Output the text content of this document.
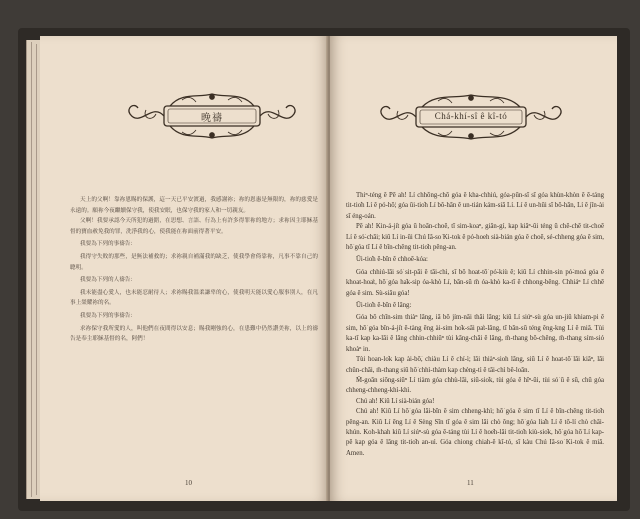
晚禱

天上的父啊！靠祢恩賜的保護，這一天已平安渡過，我感謝祢；祢的恩惠是無限的，祢的慈愛是永遠的。願祢今夜繼續保守我，使我安眠，也保守我的家人和一切親友。

父啊！我要承認今天所犯的過錯，在思想、言語、行為上有許多得罪祢的地方；求祢因主耶穌基督的寶血赦免我的罪，洗淨我的心，使我能在祢面前得著平安。

我要為下列的事禱告：

我得守失敗的那些，是無法補救的；求祢親自補滿我的缺乏，使我學會倚靠祢，凡事不靠自己的聰明。

我要為下列的人禱告：

我未能盡心愛人，也未能忍耐待人；求祢賜我溫柔謙卑的心，使我明天能以愛心服事別人，在凡事上榮耀祢的名。

我要為下列的事禱告：

求祢保守我所愛的人，叫他們在夜間得以安息；賜我剛強的心，在患難中仍然讚美祢，以上的禱告是奉主耶穌基督的名，阿們！

10
Chá-khí-sî ê kî-tó

Thiⁿ-téng ê Pē ah! Lí chhōng-chō góa ê kha-chhiú, góa-pūn-sī sī góa khùn-khòn ê ē-táng tit-tio̍h Lí ê pó-hō͘; góa ūi-tio̍h Lí bô-hān ê un-tián kám-siā Lí. Lí ê un-hūi sī bô-hān, Lí ê jîn-ài sī éng-oán.

Pē ah! Kin-á-ji̍t góa ū hoān-choē, tī sim-koaⁿ, giân-gí, kap kiâⁿ-ûi téng ū chē-chē tit-choē Lí ê só͘-chāi; kiû Lí in-ūi Chú Iâ-so͘ Ki-tok ê pó-hoeh sià-bián góa ê choē, sé-chheng góa ê sim, hō͘ góa tī Lí ê bīn-chêng tit-tio̍h pêng-an.

Ūi-tio̍h ē-bīn ê chhoē-kóa:

Góa chhiú-lāi só͘ sit-pāi ê tāi-chì, sī bô hoat-tō͘ pó͘-kiù ê; kiû Lí chhin-sin pó͘-moá góa ê khoat-hoa̍t, hō͘ góa ha̍k-sip óa-khò Lí, bān-sū m̄ óa-khò ka-tī ê chhong-bêng. Chhiáⁿ Lí chhē góa ê sim. Sù-siâu góa!

Ūi-tio̍h ē-bīn ê lâng:

Góa bô chīn-sim thiàⁿ lâng, iā bô jím-nāi thāi lâng; kiû Lí siúⁿ-sù góa un-jiû khiam-pi ê sim, hō͘ góa bîn-á-ji̍t ē-tàng ēng ài-sim ho̍k-sāi pa̍t-lâng, tī bān-sū téng êng-kng Lí ê miâ. Tùi ka-tī kap ka-lāi ê lâng chhin-chhiūⁿ tùi kāng-chāi ê lâng, m̄-thang bô-chêng, m̄-thang sím-sió khoàⁿ in.

Tùi hoan-lo̍k kap ài-bō͘, chiàu Lí ê chí-ì; lâi thiàⁿ-sioh lâng, siū Lí ê hoat-tō͘ lâi kiâⁿ, lâi chûn-chāi, m̄-thang siū hō͘ chhì-thàm kap chèng-tì ê tāi-chì bê-loān.

M̄-goān siōng-siūⁿ Lí tiàm góa chhù-lāi, siū-sio̍k, tùi góa ê hīⁿ-ūi, tùi só͘ ū ê sū, chū góa chheng-chheng-khì-khì.

Chú ah! Kiû Lí sià-bián góa!

Chú ah! Kiû Lí hō͘ góa lāi-bīn ê sim chheng-khì; hō͘ góa ê sim tī Lí ê bīn-chêng tit-tio̍h pêng-an. Kiû Lí ēng Lí ê Sèng Sîn tī góa ê sim lāi chò ông; hō͘ góa lia̍h Lí ê tō-lí chò chāi-khún. Koh-khah kiû Lí siúⁿ-sù góa ē-táng tùi Lí ê hoe̍h-lâi tit-tio̍h kiù-sio̍k, hō͘ góa hō͘ Lí kap-pē kap góa ê lâng tit-tio̍h an-uì. Góa chiong chiah-ê kî-tó, sī kàu Chú Iâ-so͘ Ki-tok ê miâ. Amen.

11
